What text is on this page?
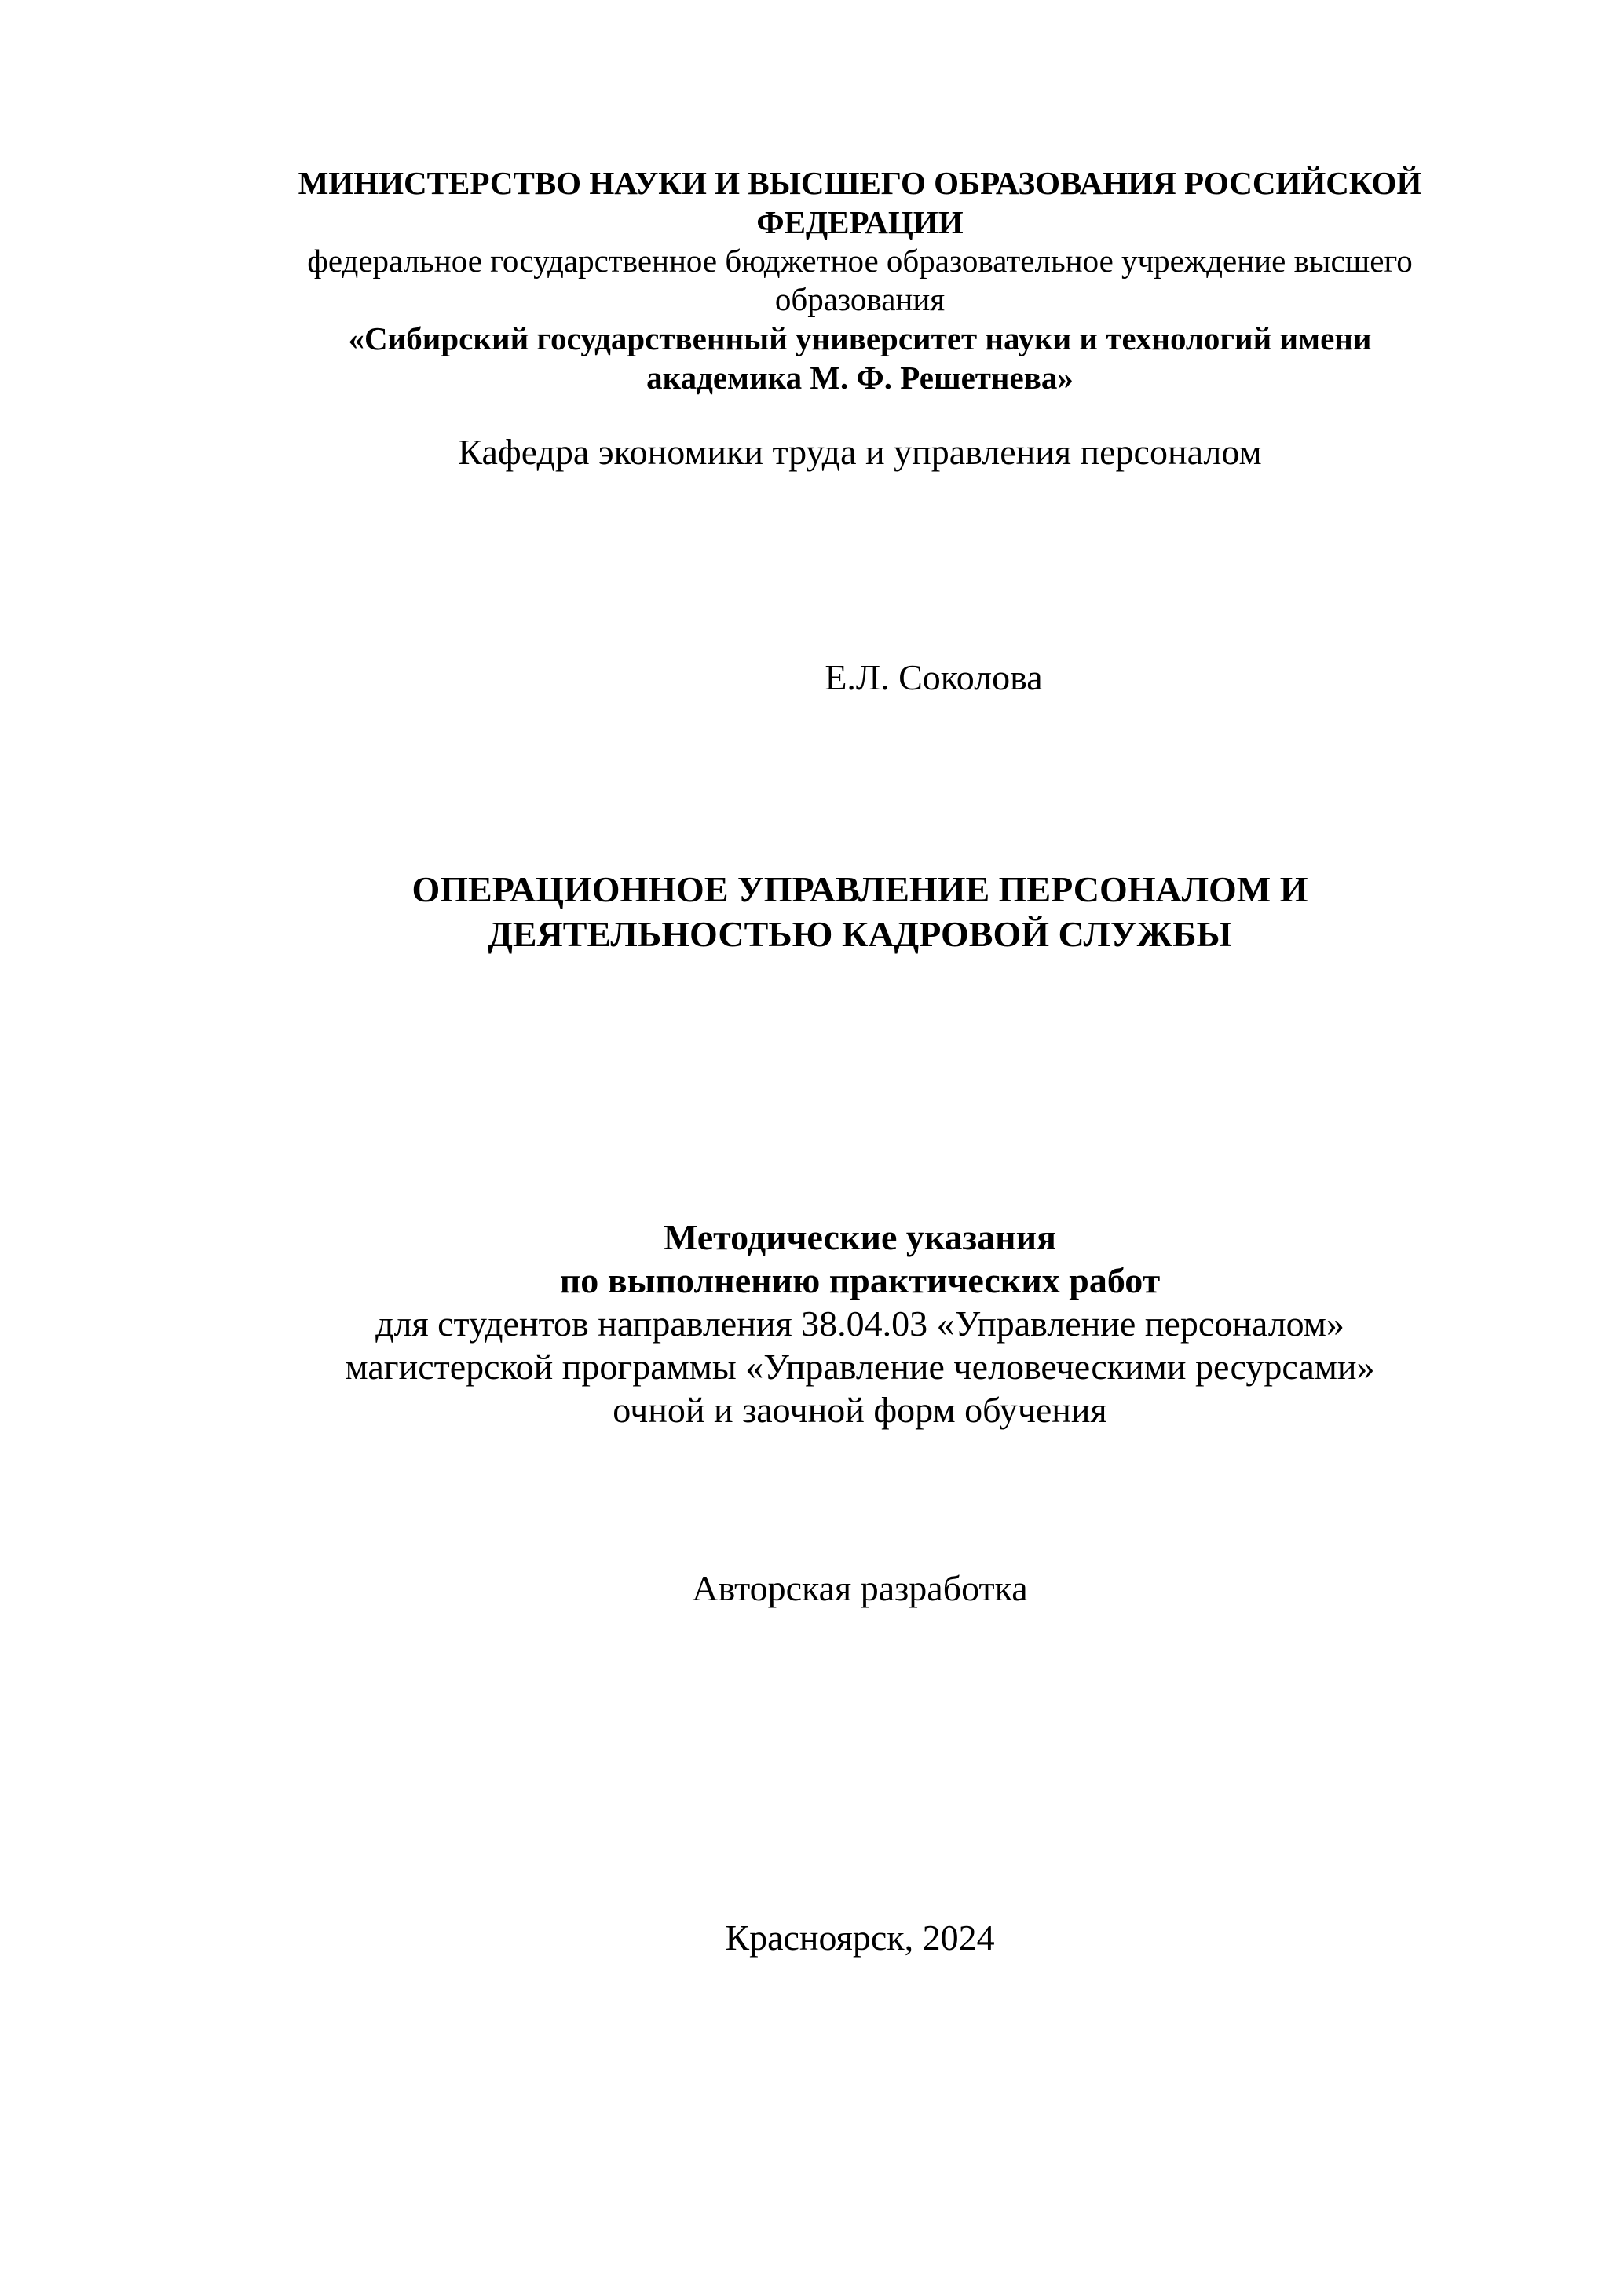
МИНИСТЕРСТВО НАУКИ И ВЫСШЕГО ОБРАЗОВАНИЯ РОССИЙСКОЙ
ФЕДЕРАЦИИ
федеральное государственное бюджетное образовательное учреждение высшего
образования
«Сибирский государственный университет науки и технологий имени
академика М. Ф. Решетнева»
Кафедра экономики труда и управления персоналом
Е.Л. Соколова
ОПЕРАЦИОННОЕ УПРАВЛЕНИЕ ПЕРСОНАЛОМ И
ДЕЯТЕЛЬНОСТЬЮ КАДРОВОЙ СЛУЖБЫ
Методические указания
по выполнению практических работ
для студентов направления 38.04.03 «Управление персоналом»
магистерской программы «Управление человеческими ресурсами»
очной и заочной форм обучения
Авторская разработка
Красноярск, 2024
